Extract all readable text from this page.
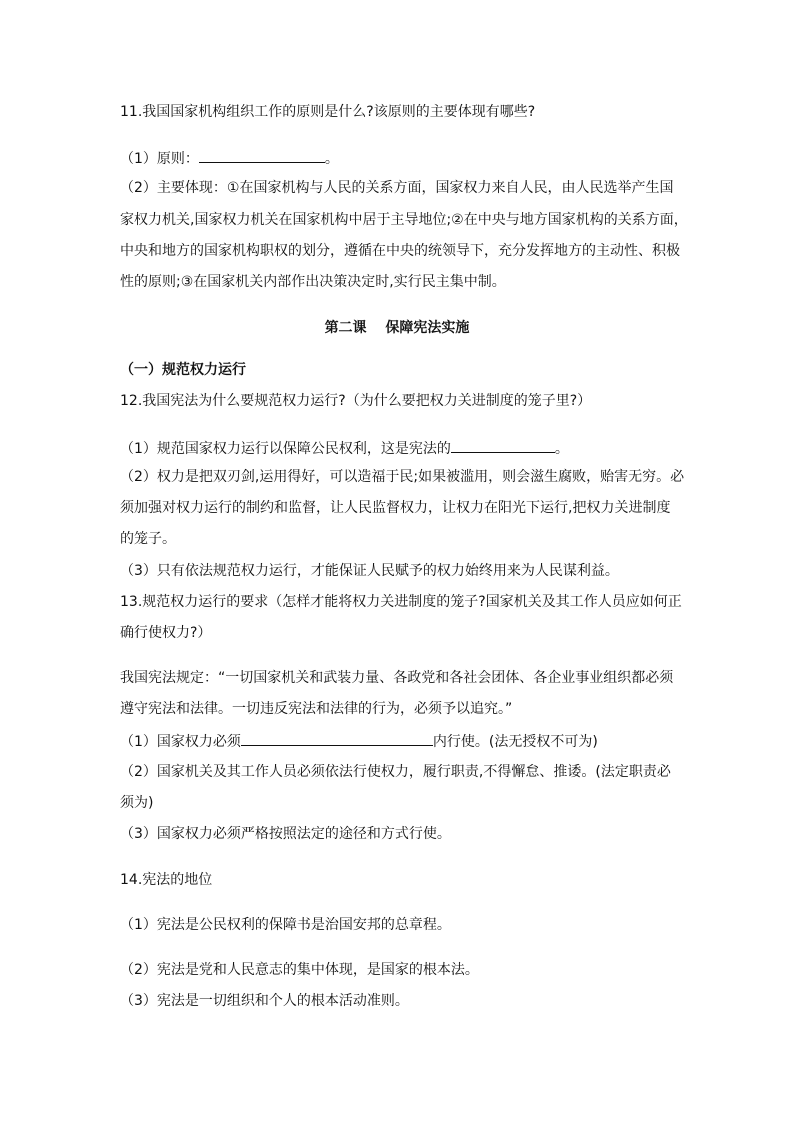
11.我国国家机构组织工作的原则是什么?该原则的主要体现有哪些?
（1）原则：	。
（2）主要体现：①在国家机构与人民的关系方面，国家权力来自人民，由人民选举产生国
家权力机关,国家权力机关在国家机构中居于主导地位;②在中央与地方国家机构的关系方面，
中央和地方的国家机构职权的划分，遵循在中央的统领导下，充分发挥地方的主动性、积极
性的原则;③在国家机关内部作出决策决定时,实行民主集中制。
第二课　 保障宪法实施
（一）规范权力运行
12.我国宪法为什么要规范权力运行?（为什么要把权力关进制度的笼子里?）
（1）规范国家权力运行以保障公民权利，这是宪法的	。
（2）权力是把双刃剑,运用得好，可以造福于民;如果被滥用，则会滋生腐败，贻害无穷。必
须加强对权力运行的制约和监督，让人民监督权力，让权力在阳光下运行,把权力关进制度
的笼子。
（3）只有依法规范权力运行，才能保证人民赋予的权力始终用来为人民谋利益。
13.规范权力运行的要求（怎样才能将权力关进制度的笼子?国家机关及其工作人员应如何正
确行使权力?）
我国宪法规定：“一切国家机关和武装力量、各政党和各社会团体、各企业事业组织都必须
遵守宪法和法律。一切违反宪法和法律的行为，必须予以追究。”
（1）国家权力必须	内行使。(法无授权不可为)
（2）国家机关及其工作人员必须依法行使权力，履行职责,不得懈怠、推诿。(法定职责必
须为)
（3）国家权力必须严格按照法定的途径和方式行使。
14.宪法的地位
（1）宪法是公民权利的保障书是治国安邦的总章程。
（2）宪法是党和人民意志的集中体现，是国家的根本法。
（3）宪法是一切组织和个人的根本活动准则。
